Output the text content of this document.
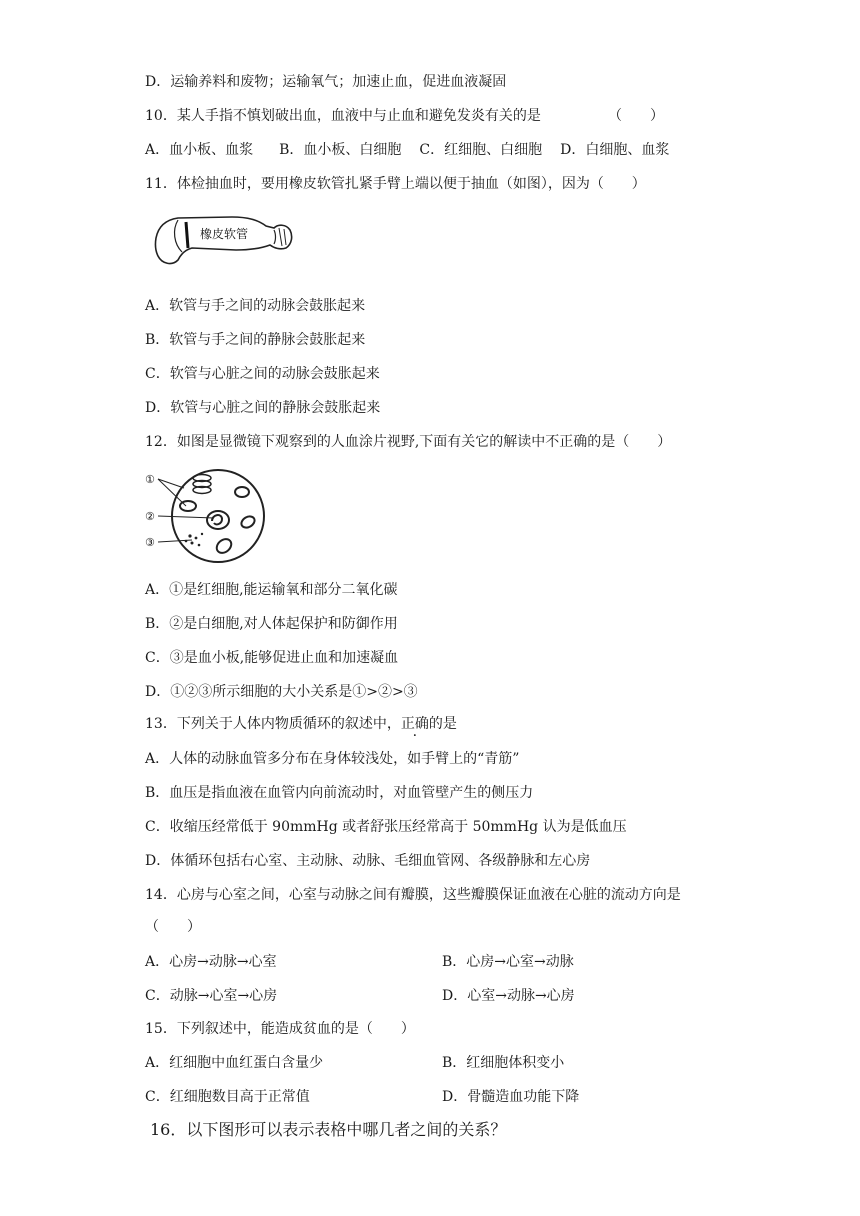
D．运输养料和废物；运输氧气；加速止血，促进血液凝固
10．某人手指不慎划破出血，血液中与止血和避免发炎有关的是	（　　）
A．血小板、血浆 B．血小板、白细胞 C．红细胞、白细胞 D．白细胞、血浆
11．体检抽血时，要用橡皮软管扎紧手臂上端以便于抽血（如图），因为（　　）
橡皮软管
A．软管与手之间的动脉会鼓胀起来
B．软管与手之间的静脉会鼓胀起来
C．软管与心脏之间的动脉会鼓胀起来
D．软管与心脏之间的静脉会鼓胀起来
12．如图是显微镜下观察到的人血涂片视野,下面有关它的解读中不正确的是（　　）
①
②
③
A．①是红细胞,能运输氧和部分二氧化碳
B．②是白细胞,对人体起保护和防御作用
C．③是血小板,能够促进止血和加速凝血
D．①②③所示细胞的大小关系是①>②>③
13．下列关于人体内物质循环的叙述中，正确的是
A．人体的动脉血管多分布在身体较浅处，如手臂上的“青筋”
B．血压是指血液在血管内向前流动时，对血管壁产生的侧压力
C．收缩压经常低于 90mmHg 或者舒张压经常高于 50mmHg 认为是低血压
D．体循环包括右心室、主动脉、动脉、毛细血管网、各级静脉和左心房
14．心房与心室之间，心室与动脉之间有瓣膜，这些瓣膜保证血液在心脏的流动方向是
（　　）
A．心房→动脉→心室	B．心房→心室→动脉
C．动脉→心室→心房	D．心室→动脉→心房
15．下列叙述中，能造成贫血的是（　　）
A．红细胞中血红蛋白含量少	B．红细胞体积变小
C．红细胞数目高于正常值	D．骨髓造血功能下降
16．以下图形可以表示表格中哪几者之间的关系？
